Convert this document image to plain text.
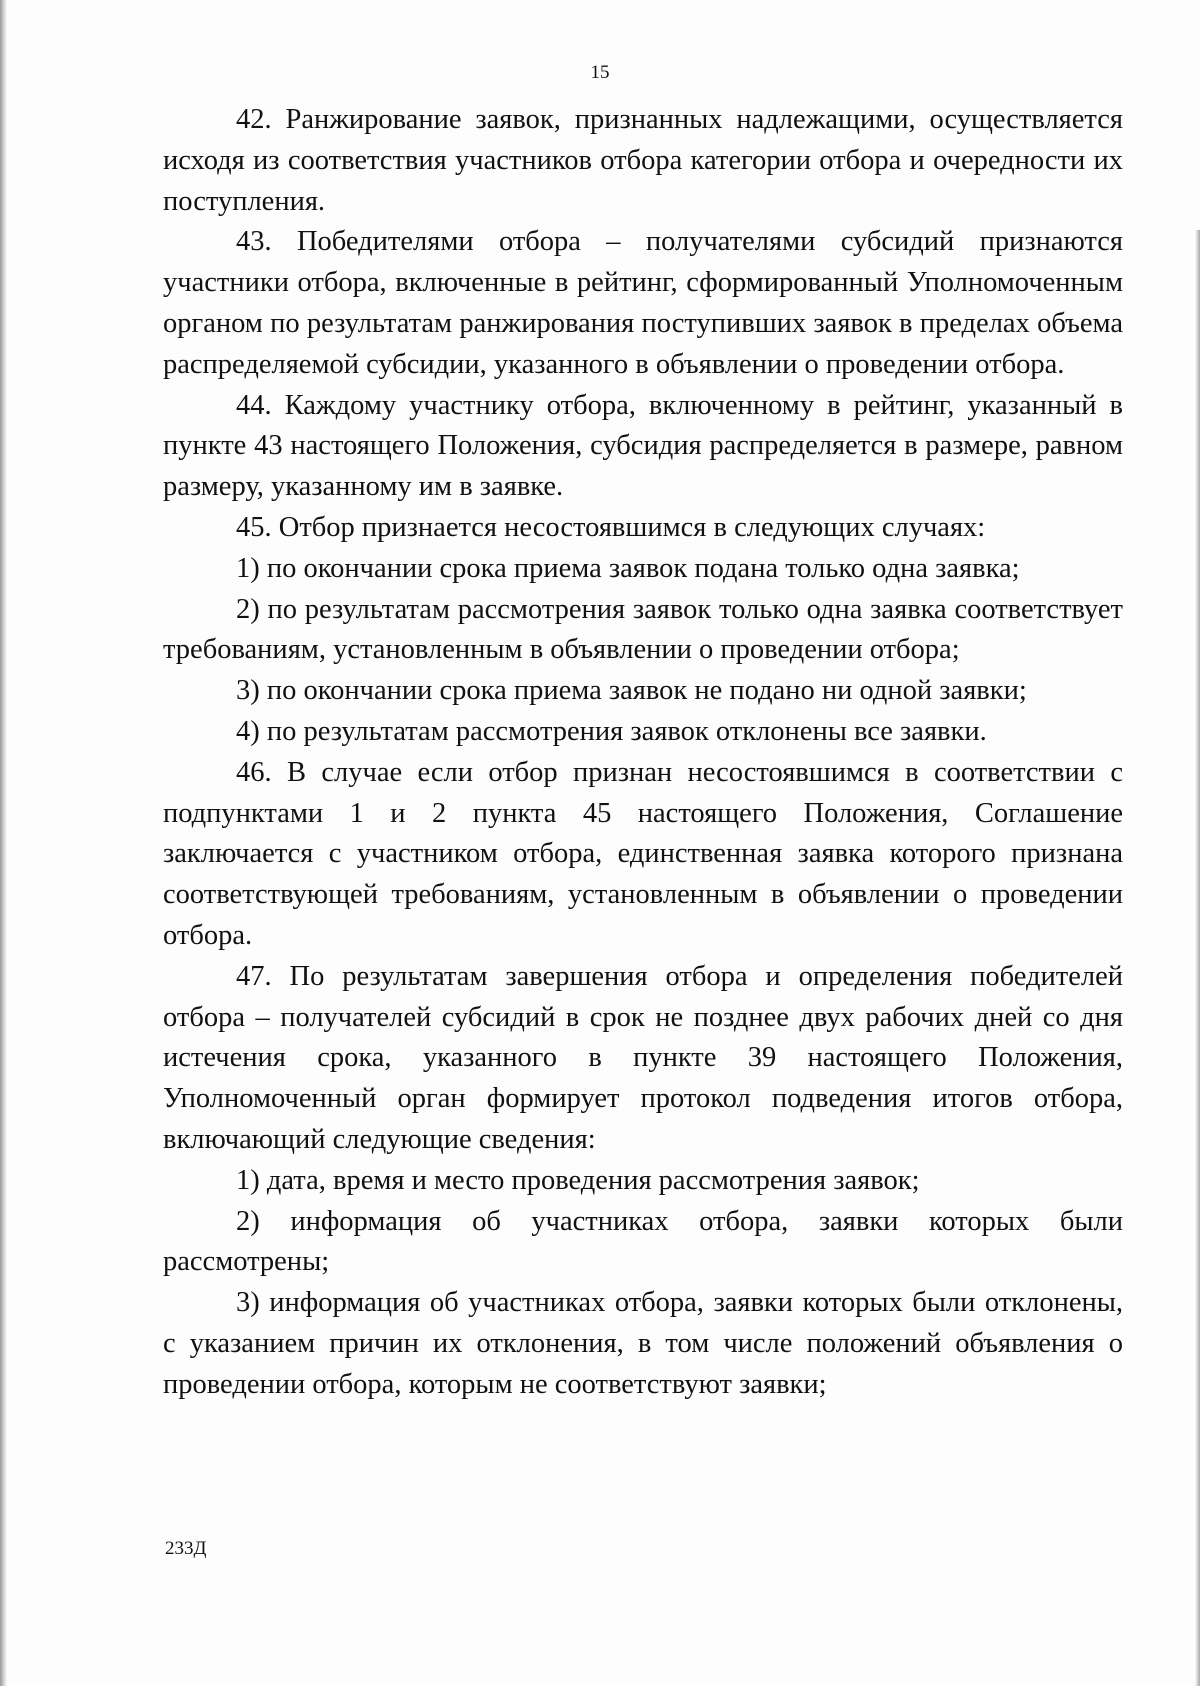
15

42. Ранжирование заявок, признанных надлежащими, осуществляется исходя из соответствия участников отбора категории отбора и очередности их поступления.

43. Победителями отбора – получателями субсидий признаются участники отбора, включенные в рейтинг, сформированный Уполномоченным органом по результатам ранжирования поступивших заявок в пределах объема распределяемой субсидии, указанного в объявлении о проведении отбора.

44. Каждому участнику отбора, включенному в рейтинг, указанный в пункте 43 настоящего Положения, субсидия распределяется в размере, равном размеру, указанному им в заявке.

45. Отбор признается несостоявшимся в следующих случаях:

1) по окончании срока приема заявок подана только одна заявка;

2) по результатам рассмотрения заявок только одна заявка соответствует требованиям, установленным в объявлении о проведении отбора;

3) по окончании срока приема заявок не подано ни одной заявки;

4) по результатам рассмотрения заявок отклонены все заявки.

46. В случае если отбор признан несостоявшимся в соответствии с подпунктами 1 и 2 пункта 45 настоящего Положения, Соглашение заключается с участником отбора, единственная заявка которого признана соответствующей требованиям, установленным в объявлении о проведении отбора.

47. По результатам завершения отбора и определения победителей отбора – получателей субсидий в срок не позднее двух рабочих дней со дня истечения срока, указанного в пункте 39 настоящего Положения, Уполномоченный орган формирует протокол подведения итогов отбора, включающий следующие сведения:

1) дата, время и место проведения рассмотрения заявок;

2) информация об участниках отбора, заявки которых были рассмотрены;

3) информация об участниках отбора, заявки которых были отклонены, с указанием причин их отклонения, в том числе положений объявления о проведении отбора, которым не соответствуют заявки;

233Д
